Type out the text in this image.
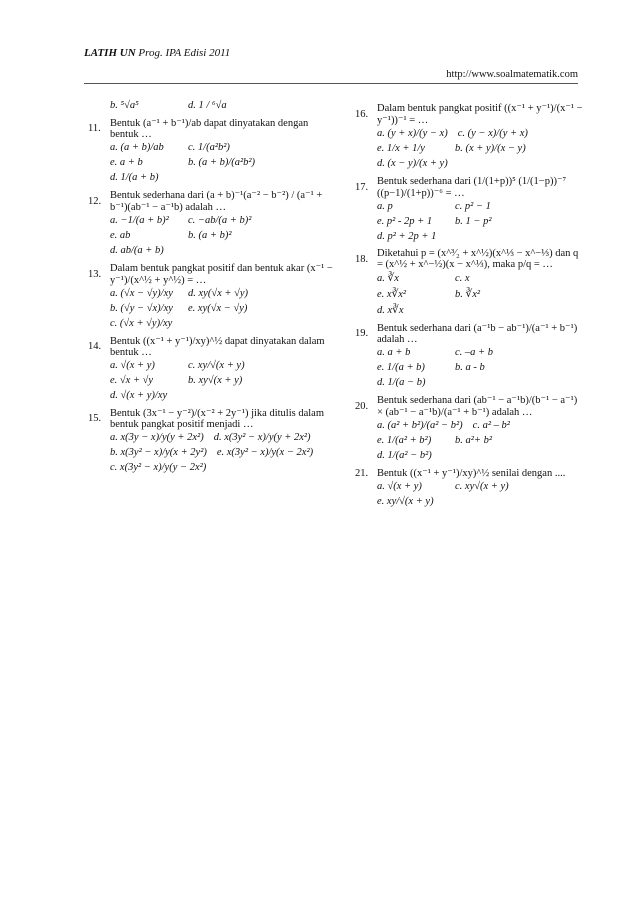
LATIH UN Prog. IPA Edisi 2011
http://www.soalmatematik.com
b. ⁵√a⁵	d. 1 / ⁶√a
11. Bentuk (a⁻¹ + b⁻¹)/ab dapat dinyatakan dengan bentuk …
a. (a + b)/ab	c. 1/(a²b²)
e. a + b	b. (a + b)/(a²b²)
d. 1/(a + b)
12. Bentuk sederhana dari (a + b)⁻¹(a⁻² − b⁻²) / (a⁻¹ + b⁻¹)(ab⁻¹ − a⁻¹b) adalah …
a. −1/(a + b)²	c. −ab/(a + b)²
e. ab	b. (a + b)²
d. ab/(a + b)
13. Dalam bentuk pangkat positif dan bentuk akar (x⁻¹ − y⁻¹)/(x^½ + y^½) = …
a. (√x − √y)/xy	d. xy(√x + √y)
b. (√y − √x)/xy	e. xy(√x − √y)
c. (√x + √y)/xy
14. Bentuk ((x⁻¹ + y⁻¹)/xy)^½ dapat dinyatakan dalam bentuk …
a. √(x + y)	c. xy/√(x + y)
e. √x + √y	b. xy√(x + y)
d. √(x + y)/xy
15. Bentuk (3x⁻¹ − y⁻²)/(x⁻² + 2y⁻¹) jika ditulis dalam bentuk pangkat positif menjadi …
a. x(3y − x)/y(y + 2x²) d. x(3y² − x)/y(y + 2x²)
b. x(3y² − x)/y(x + 2y²) e. x(3y² − x)/y(x − 2x²)
c. x(3y² − x)/y(y − 2x²)
16. Dalam bentuk pangkat positif ((x⁻¹ + y⁻¹)/(x⁻¹ − y⁻¹))⁻¹ = …
a. (y + x)/(y − x) c. (y − x)/(y + x)
e. 1/x + 1/y	b. (x + y)/(x − y)
d. (x − y)/(x + y)
17. Bentuk sederhana dari (1/(1+p))⁵ (1/(1−p))⁻⁷ ((p−1)/(1+p))⁻⁶ = …
a. p	c. p² − 1
e. p² - 2p + 1	b. 1 − p²
d. p² + 2p + 1
18. Diketahui p = (x^³⁄₂ + x^½)(x^⅓ − x^−⅓) dan q = (x^½ + x^−½)(x − x^⅓), maka p/q = …
a. ∛x	c. x
e. x∛x²	b. ∛x²
d. x∛x
19. Bentuk sederhana dari (a⁻¹b − ab⁻¹)/(a⁻¹ + b⁻¹) adalah …
a. a + b	c. –a + b
e. 1/(a + b)	b. a - b
d. 1/(a − b)
20. Bentuk sederhana dari (ab⁻¹ − a⁻¹b)/(b⁻¹ − a⁻¹) × (ab⁻¹ − a⁻¹b)/(a⁻¹ + b⁻¹) adalah …
a. (a² + b²)/(a² − b²) c. a² – b²
e. 1/(a² + b²)	b. a²+ b²
d. 1/(a² − b²)
21. Bentuk ((x⁻¹ + y⁻¹)/xy)^½ senilai dengan ....
a. √(x + y)	c. xy√(x + y)
e. xy/√(x + y)
